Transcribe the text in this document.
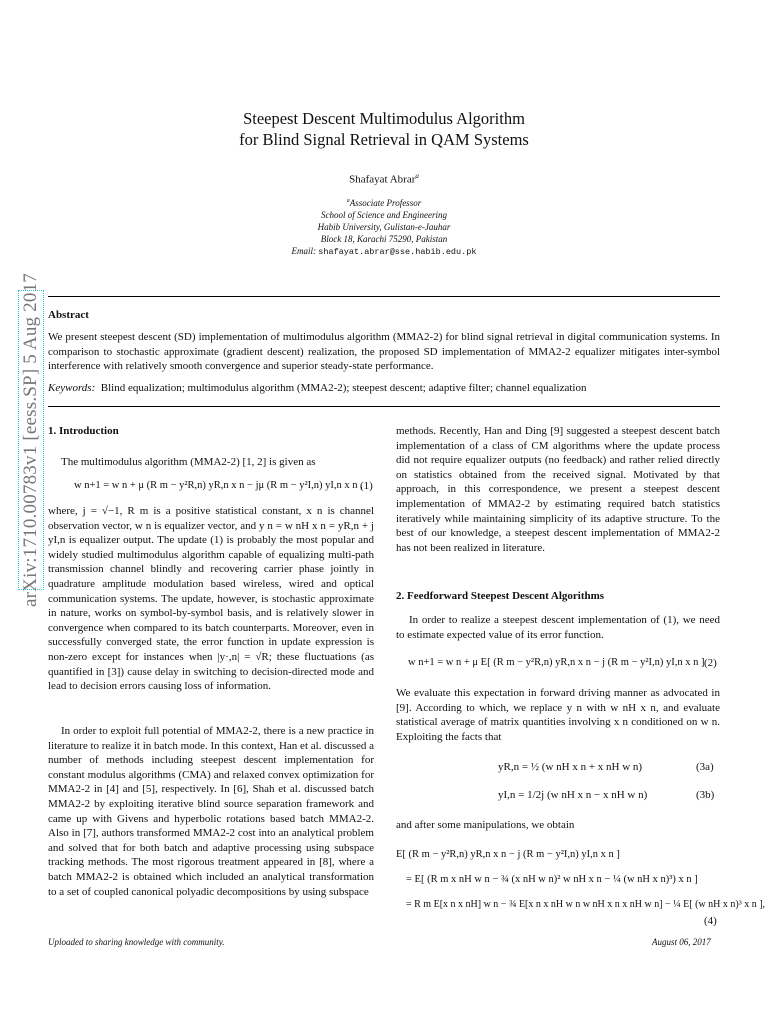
Steepest Descent Multimodulus Algorithm
for Blind Signal Retrieval in QAM Systems
Shafayat Abrar$^a$
$^a$Associate Professor
School of Science and Engineering
Habib University, Gulistan-e-Jauhar
Block 18, Karachi 75290, Pakistan
Email: shafayat.abrar@sse.habib.edu.pk
arXiv:1710.00783v1 [eess.SP] 5 Aug 2017 Abstract
We present steepest descent (SD) implementation of multimodulus algorithm (MMA2-2) for blind signal retrieval in digital communication systems. In comparison to stochastic approximate (gradient descent) realization, the proposed SD implementation of MMA2-2 equalizer mitigates inter-symbol interference with relatively smooth convergence and superior steady-state performance.
Keywords: Blind equalization; multimodulus algorithm (MMA2-2); steepest descent; adaptive filter; channel equalization
1. Introduction
The multimodulus algorithm (MMA2-2) [1, 2] is given as
w n+1 = w n + μ (R m − y²R,n) yR,n x n − jμ (R m − y²I,n) yI,n x n ,
(1)
where, j = √−1, R m is a positive statistical constant, x n is channel observation vector, w n is equalizer vector, and y n = w nH x n = yR,n + j yI,n is equalizer output. The update (1) is probably the most popular and widely studied multimodulus algorithm capable of equalizing multi-path transmission channel blindly and recovering carrier phase jointly in quadrature amplitude modulation based wireless, wired and optical communication systems. The update, however, is stochastic approximate in nature, works on symbol-by-symbol basis, and is relatively slower in convergence when compared to its batch counterparts. Moreover, even in successfully converged state, the error function in update expression is non-zero except for instances when |y·,n| = √R; these fluctuations (as quantified in [3]) cause delay in switching to decision-directed mode and lead to decision errors causing loss of information.
In order to exploit full potential of MMA2-2, there is a new practice in literature to realize it in batch mode. In this context, Han et al. discussed a number of methods including steepest descent implementation for constant modulus algorithms (CMA) and relaxed convex optimization for MMA2-2 in [4] and [5], respectively. In [6], Shah et al. discussed batch MMA2-2 by exploiting iterative blind source separation framework and came up with Givens and hyperbolic rotations based batch MMA2-2. Also in [7], authors transformed MMA2-2 cost into an analytical problem and solved that for both batch and adaptive processing using subspace tracking methods. The most rigorous treatment appeared in [8], where a batch MMA2-2 is obtained which included an analytical transformation to a set of coupled canonical polyadic decompositions by using subspace
methods. Recently, Han and Ding [9] suggested a steepest descent batch implementation of a class of CM algorithms where the update process did not require equalizer outputs (no feedback) and rather relied directly on statistics obtained from the received signal. Motivated by that approach, in this correspondence, we present a steepest descent implementation of MMA2-2 by estimating required batch statistics iteratively while maintaining simplicity of its adaptive structure. To the best of our knowledge, a steepest descent implementation of MMA2-2 has not been realized in literature.
2. Feedforward Steepest Descent Algorithms
In order to realize a steepest descent implementation of (1), we need to estimate expected value of its error function.
w n+1 = w n + μ E[ (R m − y²R,n) yR,n x n − j (R m − y²I,n) yI,n x n ] (2)
We evaluate this expectation in forward driving manner as advocated in [9]. According to which, we replace y n with w nH x n, and evaluate statistical average of matrix quantities involving x n conditioned on w n. Exploiting the facts that
yR,n = ½ (w nH x n + x nH w n)	(3a)
yI,n = 1/2j (w nH x n − x nH w n)	(3b)
and after some manipulations, we obtain
E[ (R m − y²R,n) yR,n x n − j (R m − y²I,n) yI,n x n ]
= E[ (R m x nH w n − ¾ (x nH w n)² w nH x n − ¼ (w nH x n)³) x n ]
= R m E[x n x nH] w n − ¾ E[x n x nH w n w nH x n x nH w n] − ¼ E[ (w nH x n)³ x n ],
(4)
Uploaded to sharing knowledge with community.	August 06, 2017
